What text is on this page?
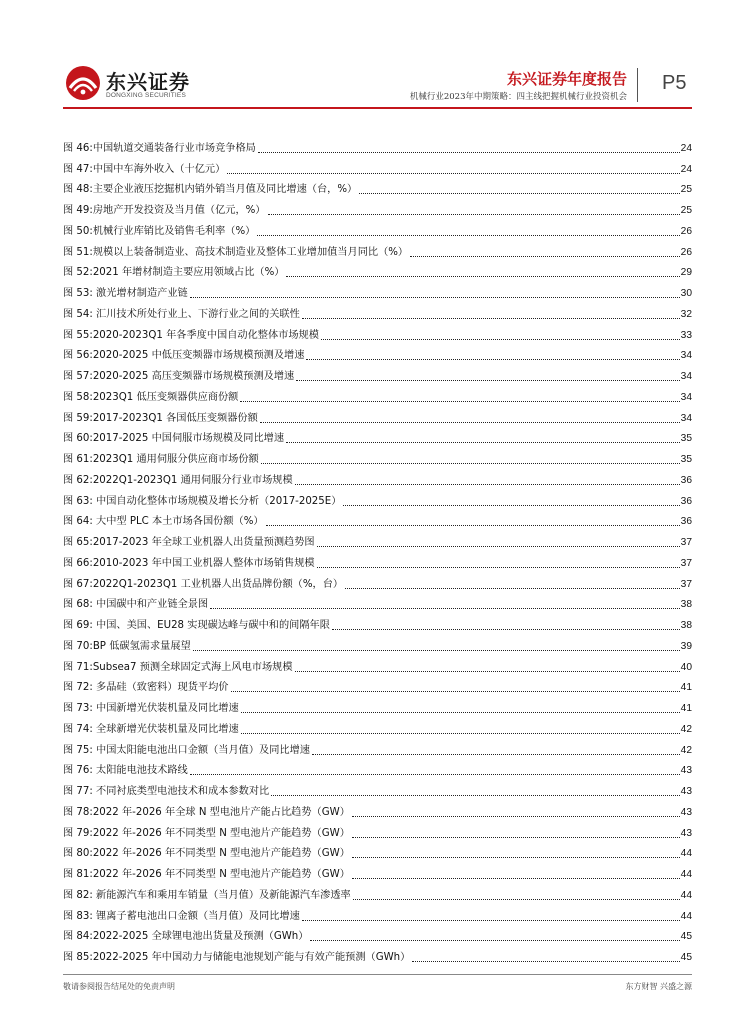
东兴证券
DONGXING SECURITIES
东兴证券年度报告
机械行业2023年中期策略：四主线把握机械行业投资机会
P5
图 46:中国轨道交通装备行业市场竞争格局	24
图 47:中国中车海外收入（十亿元）	24
图 48:主要企业液压挖掘机内销外销当月值及同比增速（台，%）	25
图 49:房地产开发投资及当月值（亿元，%）	25
图 50:机械行业库销比及销售毛利率（%）	26
图 51:规模以上装备制造业、高技术制造业及整体工业增加值当月同比（%）	26
图 52:2021 年增材制造主要应用领域占比（%）	29
图 53: 激光增材制造产业链	30
图 54: 汇川技术所处行业上、下游行业之间的关联性	32
图 55:2020-2023Q1 年各季度中国自动化整体市场规模	33
图 56:2020-2025 中低压变频器市场规模预测及增速	34
图 57:2020-2025 高压变频器市场规模预测及增速	34
图 58:2023Q1 低压变频器供应商份额	34
图 59:2017-2023Q1 各国低压变频器份额	34
图 60:2017-2025 中国伺服市场规模及同比增速	35
图 61:2023Q1 通用伺服分供应商市场份额	35
图 62:2022Q1-2023Q1 通用伺服分行业市场规模	36
图 63: 中国自动化整体市场规模及增长分析（2017-2025E）	36
图 64: 大中型 PLC 本土市场各国份额（%）	36
图 65:2017-2023 年全球工业机器人出货量预测趋势图	37
图 66:2010-2023 年中国工业机器人整体市场销售规模	37
图 67:2022Q1-2023Q1 工业机器人出货品牌份额（%，台）	37
图 68: 中国碳中和产业链全景图	38
图 69: 中国、美国、EU28 实现碳达峰与碳中和的间隔年限	38
图 70:BP 低碳氢需求量展望	39
图 71:Subsea7 预测全球固定式海上风电市场规模	40
图 72: 多晶硅（致密料）现货平均价	41
图 73: 中国新增光伏装机量及同比增速	41
图 74: 全球新增光伏装机量及同比增速	42
图 75: 中国太阳能电池出口金额（当月值）及同比增速	42
图 76: 太阳能电池技术路线	43
图 77: 不同衬底类型电池技术和成本参数对比	43
图 78:2022 年-2026 年全球 N 型电池片产能占比趋势（GW）	43
图 79:2022 年-2026 年不同类型 N 型电池片产能趋势（GW）	43
图 80:2022 年-2026 年不同类型 N 型电池片产能趋势（GW）	44
图 81:2022 年-2026 年不同类型 N 型电池片产能趋势（GW）	44
图 82: 新能源汽车和乘用车销量（当月值）及新能源汽车渗透率	44
图 83: 锂离子蓄电池出口金额（当月值）及同比增速	44
图 84:2022-2025 全球锂电池出货量及预测（GWh）	45
图 85:2022-2025 年中国动力与储能电池规划产能与有效产能预测（GWh）	45
敬请参阅报告结尾处的免责声明	东方财智 兴盛之源
